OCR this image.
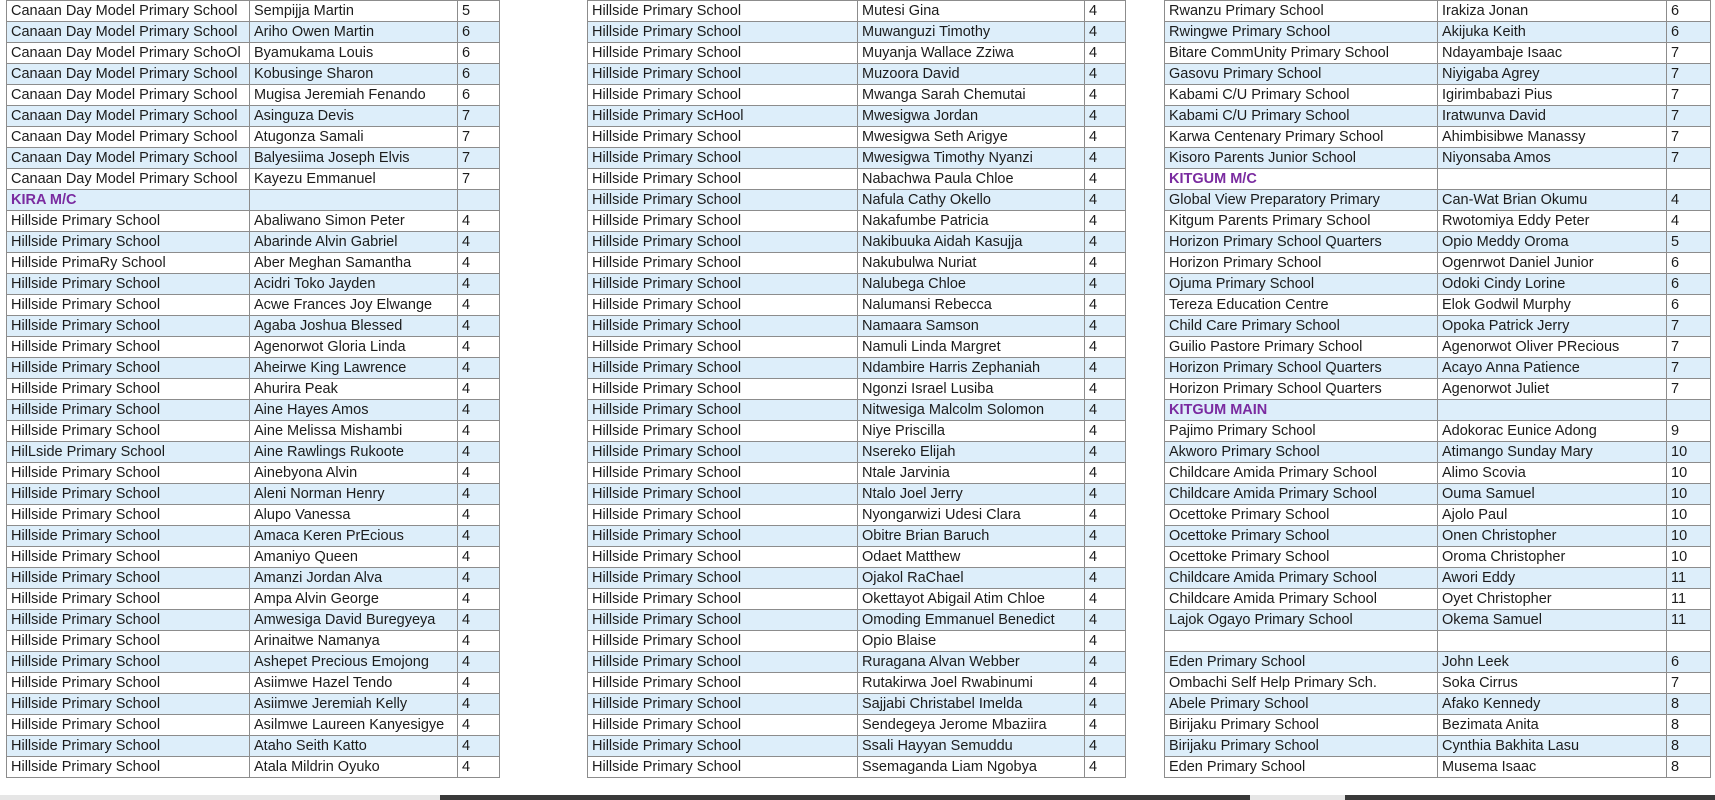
Canaan Day Model Primary School	Sempijja Martin	5
Canaan Day Model Primary School	Ariho Owen Martin	6
Canaan Day Model Primary SchoOl	Byamukama Louis	6
Canaan Day Model Primary School	Kobusinge Sharon	6
Canaan Day Model Primary School	Mugisa Jeremiah Fenando	6
Canaan Day Model Primary School	Asinguza Devis	7
Canaan Day Model Primary School	Atugonza Samali	7
Canaan Day Model Primary School	Balyesiima Joseph Elvis	7
Canaan Day Model Primary School	Kayezu Emmanuel	7
KIRA M/C		
Hillside Primary School	Abaliwano Simon Peter	4
Hillside Primary School	Abarinde Alvin Gabriel	4
Hillside PrimaRy School	Aber Meghan Samantha	4
Hillside Primary School	Acidri Toko Jayden	4
Hillside Primary School	Acwe Frances Joy Elwange	4
Hillside Primary School	Agaba Joshua Blessed	4
Hillside Primary School	Agenorwot Gloria Linda	4
Hillside Primary School	Aheirwe King Lawrence	4
Hillside Primary School	Ahurira Peak	4
Hillside Primary School	Aine Hayes Amos	4
Hillside Primary School	Aine Melissa Mishambi	4
HilLside Primary School	Aine Rawlings Rukoote	4
Hillside Primary School	Ainebyona Alvin	4
Hillside Primary School	Aleni Norman Henry	4
Hillside Primary School	Alupo Vanessa	4
Hillside Primary School	Amaca Keren PrEcious	4
Hillside Primary School	Amaniyo Queen	4
Hillside Primary School	Amanzi Jordan Alva	4
Hillside Primary School	Ampa Alvin George	4
Hillside Primary School	Amwesiga David Buregyeya	4
Hillside Primary School	Arinaitwe Namanya	4
Hillside Primary School	Ashepet Precious Emojong	4
Hillside Primary School	Asiimwe Hazel Tendo	4
Hillside Primary School	Asiimwe Jeremiah Kelly	4
Hillside Primary School	Asilmwe Laureen Kanyesigye	4
Hillside Primary School	Ataho Seith Katto	4
Hillside Primary School	Atala Mildrin Oyuko	4
Hillside Primary School	Mutesi Gina	4
Hillside Primary School	Muwanguzi Timothy	4
Hillside Primary School	Muyanja Wallace Zziwa	4
Hillside Primary School	Muzoora David	4
Hillside Primary School	Mwanga Sarah Chemutai	4
Hillside Primary ScHool	Mwesigwa Jordan	4
Hillside Primary School	Mwesigwa Seth Arigye	4
Hillside Primary School	Mwesigwa Timothy Nyanzi	4
Hillside Primary School	Nabachwa Paula Chloe	4
Hillside Primary School	Nafula Cathy Okello	4
Hillside Primary School	Nakafumbe Patricia	4
Hillside Primary School	Nakibuuka Aidah Kasujja	4
Hillside Primary School	Nakubulwa Nuriat	4
Hillside Primary School	Nalubega Chloe	4
Hillside Primary School	Nalumansi Rebecca	4
Hillside Primary School	Namaara Samson	4
Hillside Primary School	Namuli Linda Margret	4
Hillside Primary School	Ndambire Harris Zephaniah	4
Hillside Primary School	Ngonzi Israel Lusiba	4
Hillside Primary School	Nitwesiga Malcolm Solomon	4
Hillside Primary School	Niye Priscilla	4
Hillside Primary School	Nsereko Elijah	4
Hillside Primary School	Ntale Jarvinia	4
Hillside Primary School	Ntalo Joel Jerry	4
Hillside Primary School	Nyongarwizi Udesi Clara	4
Hillside Primary School	Obitre Brian Baruch	4
Hillside Primary School	Odaet Matthew	4
Hillside Primary School	Ojakol RaChael	4
Hillside Primary School	Okettayot Abigail Atim Chloe	4
Hillside Primary School	Omoding Emmanuel Benedict	4
Hillside Primary School	Opio Blaise	4
Hillside Primary School	Ruragana Alvan Webber	4
Hillside Primary School	Rutakirwa Joel Rwabinumi	4
Hillside Primary School	Sajjabi Christabel Imelda	4
Hillside Primary School	Sendegeya Jerome Mbaziira	4
Hillside Primary School	Ssali Hayyan Semuddu	4
Hillside Primary School	Ssemaganda Liam Ngobya	4
Rwanzu Primary School	Irakiza Jonan	6
Rwingwe Primary School	Akijuka Keith	6
Bitare CommUnity Primary School	Ndayambaje Isaac	7
Gasovu Primary School	Niyigaba Agrey	7
Kabami C/U Primary School	Igirimbabazi Pius	7
Kabami C/U Primary School	Iratwunva David	7
Karwa Centenary Primary School	Ahimbisibwe Manassy	7
Kisoro Parents Junior School	Niyonsaba Amos	7
KITGUM M/C		
Global View Preparatory Primary	Can-Wat Brian Okumu	4
Kitgum Parents Primary School	Rwotomiya Eddy Peter	4
Horizon Primary School Quarters	Opio Meddy Oroma	5
Horizon Primary School	Ogenrwot Daniel Junior	6
Ojuma Primary School	Odoki Cindy Lorine	6
Tereza Education Centre	Elok Godwil Murphy	6
Child Care Primary School	Opoka Patrick Jerry	7
Guilio Pastore Primary School	Agenorwot Oliver PRecious	7
Horizon Primary School Quarters	Acayo Anna Patience	7
Horizon Primary School Quarters	Agenorwot Juliet	7
KITGUM MAIN		
Pajimo Primary School	Adokorac Eunice Adong	9
Akworo Primary School	Atimango Sunday Mary	10
Childcare Amida Primary School	Alimo Scovia	10
Childcare Amida Primary School	Ouma Samuel	10
Ocettoke Primary School	Ajolo Paul	10
Ocettoke Primary School	Onen Christopher	10
Ocettoke Primary School	Oroma Christopher	10
Childcare Amida Primary School	Awori Eddy	11
Childcare Amida Primary School	Oyet Christopher	11
Lajok Ogayo Primary School	Okema Samuel	11

Eden Primary School	John Leek	6
Ombachi Self Help Primary Sch.	Soka Cirrus	7
Abele Primary School	Afako Kennedy	8
Birijaku Primary School	Bezimata Anita	8
Birijaku Primary School	Cynthia Bakhita Lasu	8
Eden Primary School	Musema Isaac	8
